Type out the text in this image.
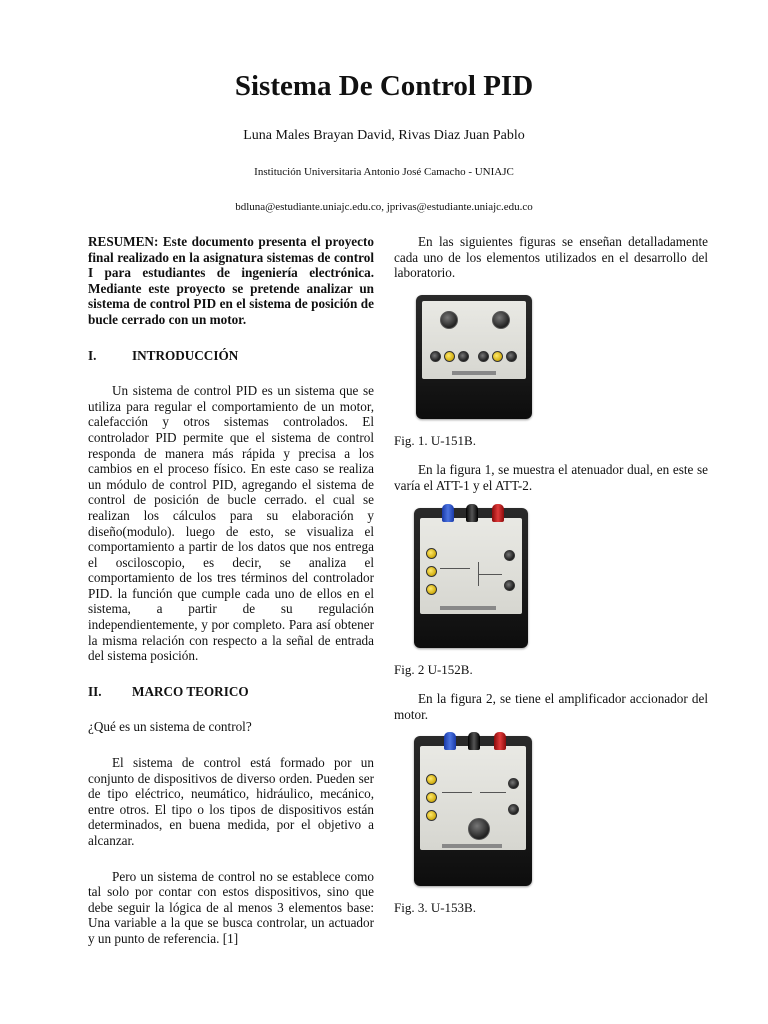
Sistema De Control PID
Luna Males Brayan David, Rivas Diaz Juan Pablo
Institución Universitaria Antonio José Camacho - UNIAJC
bdluna@estudiante.uniajc.edu.co, jprivas@estudiante.uniajc.edu.co

RESUMEN: Este documento presenta el proyecto final realizado en la asignatura sistemas de control I para estudiantes de ingeniería electrónica. Mediante este proyecto se pretende analizar un sistema de control PID en el sistema de posición de bucle cerrado con un motor.

I.	INTRODUCCIÓN

Un sistema de control PID es un sistema que se utiliza para regular el comportamiento de un motor, calefacción y otros sistemas controlados. El controlador PID permite que el sistema de control responda de manera más rápida y precisa a los cambios en el proceso físico. En este caso se realiza un módulo de control PID, agregando el sistema de control de posición de bucle cerrado. el cual se realizan los cálculos para su elaboración y diseño(modulo). luego de esto, se visualiza el comportamiento a partir de los datos que nos entrega el osciloscopio, es decir, se analiza el comportamiento de los tres términos del controlador PID. la función que cumple cada uno de ellos en el sistema, a partir de su regulación independientemente, y por completo. Para así obtener la misma relación con respecto a la señal de entrada del sistema posición.

II.	MARCO TEORICO

¿Qué es un sistema de control?

El sistema de control está formado por un conjunto de dispositivos de diverso orden. Pueden ser de tipo eléctrico, neumático, hidráulico, mecánico, entre otros. El tipo o los tipos de dispositivos están determinados, en buena medida, por el objetivo a alcanzar.

Pero un sistema de control no se establece como tal solo por contar con estos dispositivos, sino que debe seguir la lógica de al menos 3 elementos base: Una variable a la que se busca controlar, un actuador y un punto de referencia. [1]

En las siguientes figuras se enseñan detalladamente cada uno de los elementos utilizados en el desarrollo del laboratorio.

Fig. 1. U-151B.

En la figura 1, se muestra el atenuador dual, en este se varía el ATT-1 y el ATT-2.

Fig. 2 U-152B.

En la figura 2, se tiene el amplificador accionador del motor.

Fig. 3. U-153B.
